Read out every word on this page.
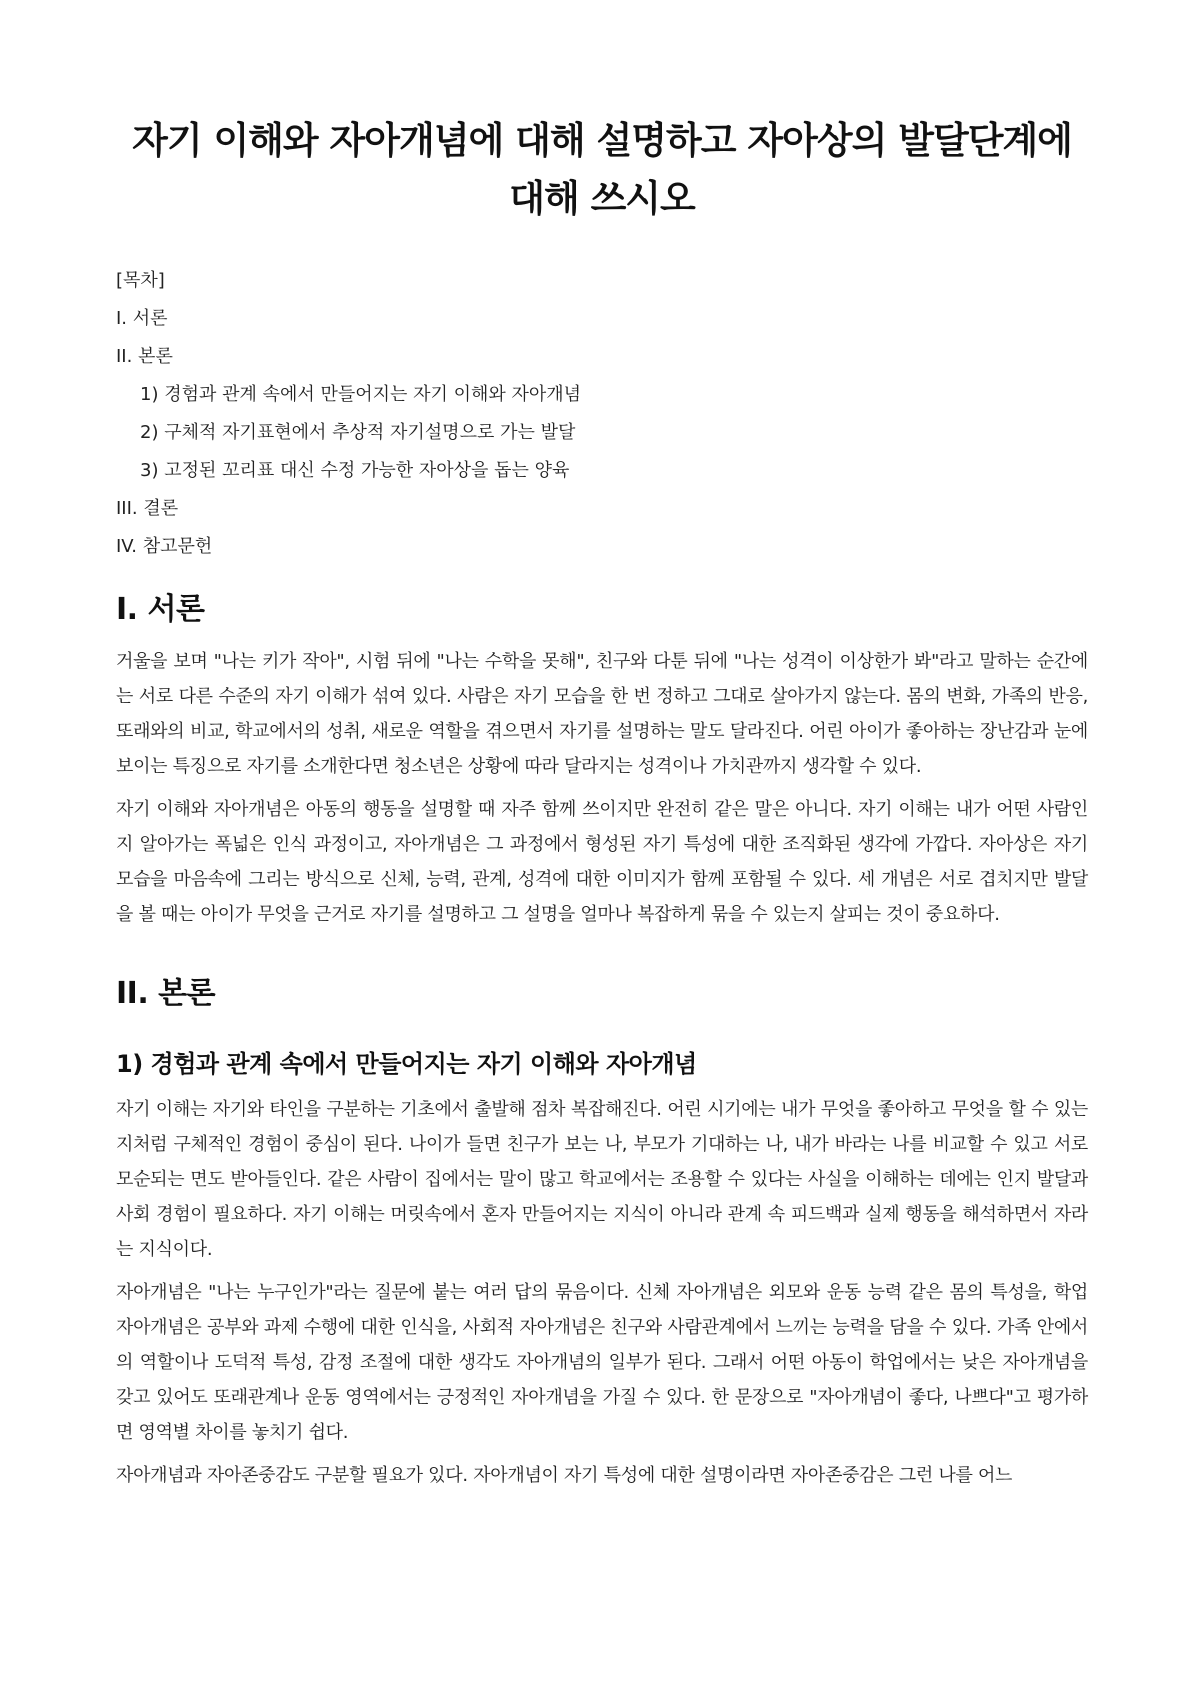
자기 이해와 자아개념에 대해 설명하고 자아상의 발달단계에 대해 쓰시오
[목차]
I. 서론
II. 본론
1) 경험과 관계 속에서 만들어지는 자기 이해와 자아개념
2) 구체적 자기표현에서 추상적 자기설명으로 가는 발달
3) 고정된 꼬리표 대신 수정 가능한 자아상을 돕는 양육
III. 결론
IV. 참고문헌
I. 서론

거울을 보며 "나는 키가 작아", 시험 뒤에 "나는 수학을 못해", 친구와 다툰 뒤에 "나는 성격이 이상한가 봐"라고 말하는 순간에는 서로 다른 수준의 자기 이해가 섞여 있다. 사람은 자기 모습을 한 번 정하고 그대로 살아가지 않는다. 몸의 변화, 가족의 반응, 또래와의 비교, 학교에서의 성취, 새로운 역할을 겪으면서 자기를 설명하는 말도 달라진다. 어린 아이가 좋아하는 장난감과 눈에 보이는 특징으로 자기를 소개한다면 청소년은 상황에 따라 달라지는 성격이나 가치관까지 생각할 수 있다.

자기 이해와 자아개념은 아동의 행동을 설명할 때 자주 함께 쓰이지만 완전히 같은 말은 아니다. 자기 이해는 내가 어떤 사람인지 알아가는 폭넓은 인식 과정이고, 자아개념은 그 과정에서 형성된 자기 특성에 대한 조직화된 생각에 가깝다. 자아상은 자기 모습을 마음속에 그리는 방식으로 신체, 능력, 관계, 성격에 대한 이미지가 함께 포함될 수 있다. 세 개념은 서로 겹치지만 발달을 볼 때는 아이가 무엇을 근거로 자기를 설명하고 그 설명을 얼마나 복잡하게 묶을 수 있는지 살피는 것이 중요하다.

II. 본론
1) 경험과 관계 속에서 만들어지는 자기 이해와 자아개념

자기 이해는 자기와 타인을 구분하는 기초에서 출발해 점차 복잡해진다. 어린 시기에는 내가 무엇을 좋아하고 무엇을 할 수 있는지처럼 구체적인 경험이 중심이 된다. 나이가 들면 친구가 보는 나, 부모가 기대하는 나, 내가 바라는 나를 비교할 수 있고 서로 모순되는 면도 받아들인다. 같은 사람이 집에서는 말이 많고 학교에서는 조용할 수 있다는 사실을 이해하는 데에는 인지 발달과 사회 경험이 필요하다. 자기 이해는 머릿속에서 혼자 만들어지는 지식이 아니라 관계 속 피드백과 실제 행동을 해석하면서 자라는 지식이다.

자아개념은 "나는 누구인가"라는 질문에 붙는 여러 답의 묶음이다. 신체 자아개념은 외모와 운동 능력 같은 몸의 특성을, 학업 자아개념은 공부와 과제 수행에 대한 인식을, 사회적 자아개념은 친구와 사람관계에서 느끼는 능력을 담을 수 있다. 가족 안에서의 역할이나 도덕적 특성, 감정 조절에 대한 생각도 자아개념의 일부가 된다. 그래서 어떤 아동이 학업에서는 낮은 자아개념을 갖고 있어도 또래관계나 운동 영역에서는 긍정적인 자아개념을 가질 수 있다. 한 문장으로 "자아개념이 좋다, 나쁘다"고 평가하면 영역별 차이를 놓치기 쉽다.

자아개념과 자아존중감도 구분할 필요가 있다. 자아개념이 자기 특성에 대한 설명이라면 자아존중감은 그런 나를 어느
